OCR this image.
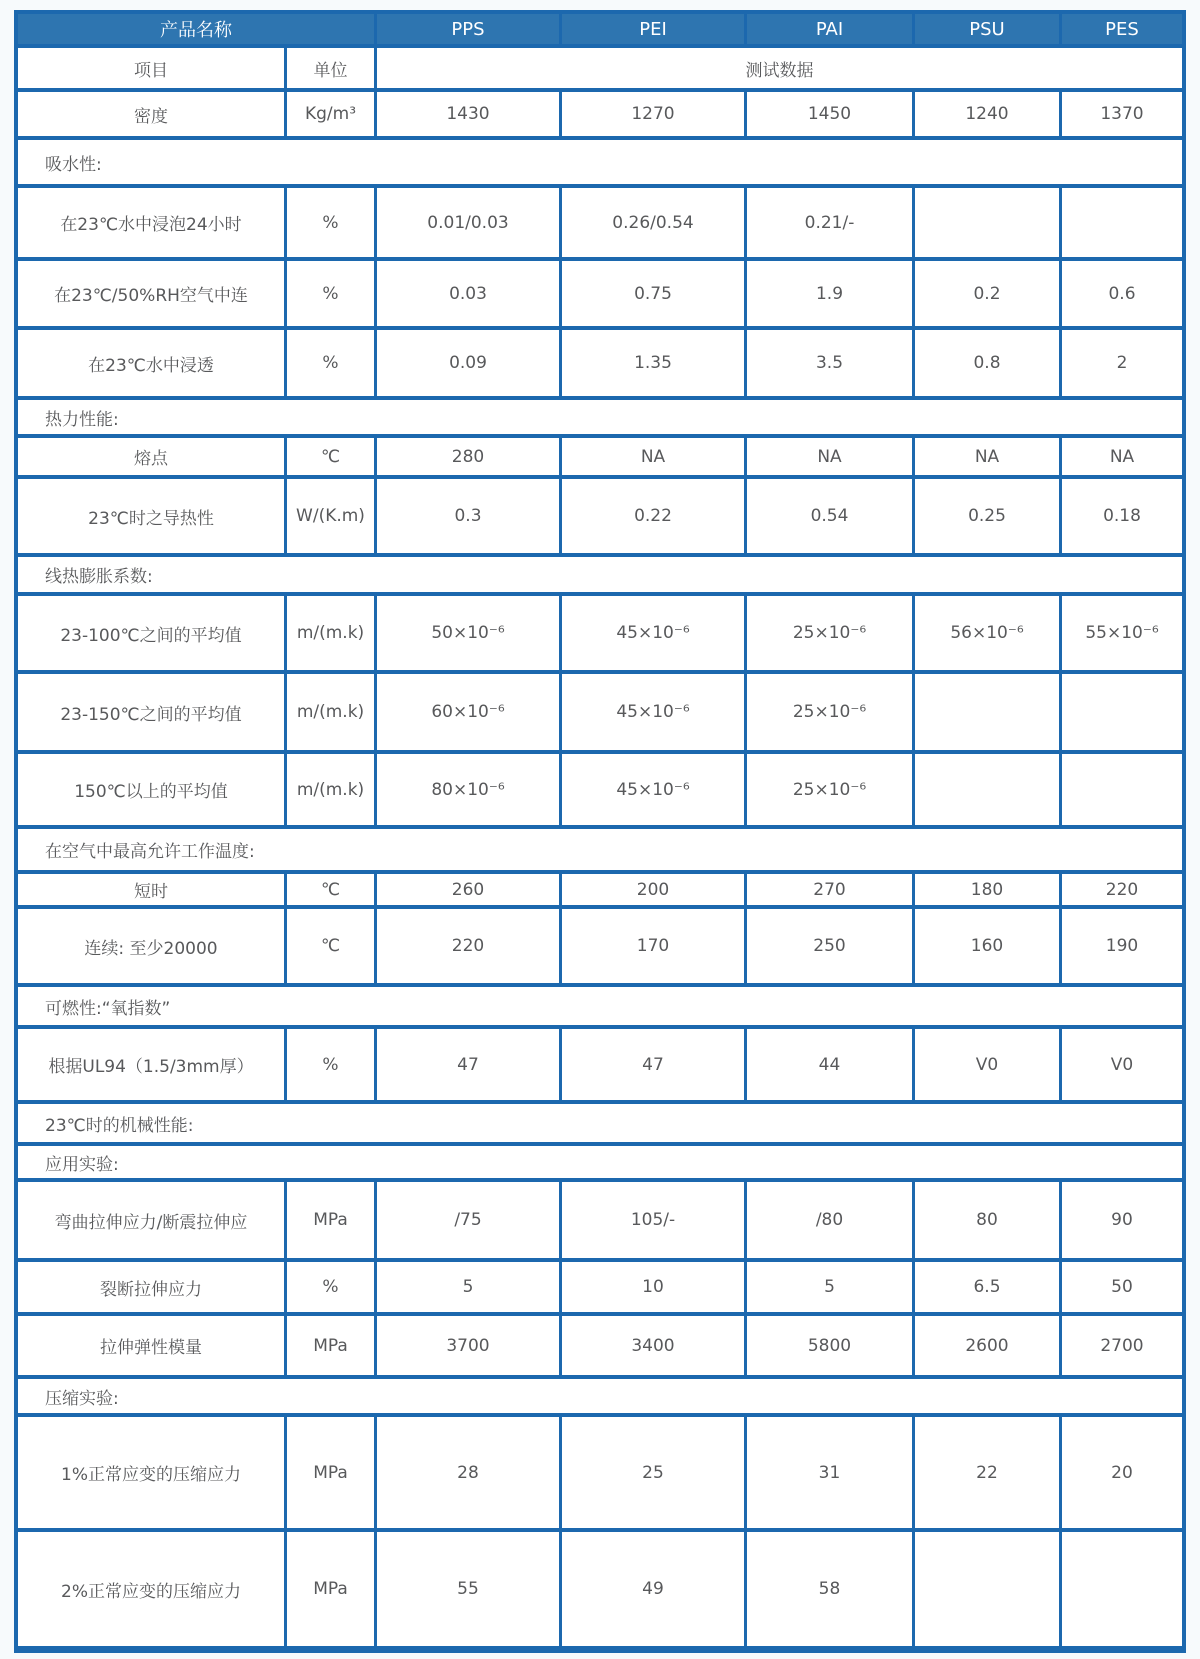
产品名称	PPS	PEI	PAI	PSU	PES
项目	单位	测试数据
密度	Kg/m³	1430	1270	1450	1240	1370
吸水性:
在23℃水中浸泡24小时	%	0.01/0.03	0.26/0.54	0.21/-
在23℃/50%RH空气中连	%	0.03	0.75	1.9	0.2	0.6
在23℃水中浸透	%	0.09	1.35	3.5	0.8	2
热力性能:
熔点	℃	280	NA	NA	NA	NA
23℃时之导热性	W/(K.m)	0.3	0.22	0.54	0.25	0.18
线热膨胀系数:
23-100℃之间的平均值	m/(m.k)	50×10⁻⁶	45×10⁻⁶	25×10⁻⁶	56×10⁻⁶	55×10⁻⁶
23-150℃之间的平均值	m/(m.k)	60×10⁻⁶	45×10⁻⁶	25×10⁻⁶
150℃以上的平均值	m/(m.k)	80×10⁻⁶	45×10⁻⁶	25×10⁻⁶
在空气中最高允许工作温度:
短时	℃	260	200	270	180	220
连续: 至少20000	℃	220	170	250	160	190
可燃性:“氧指数”
根据UL94（1.5/3mm厚）	%	47	47	44	V0	V0
23℃时的机械性能:
应用实验:
弯曲拉伸应力/断震拉伸应	MPa	/75	105/-	/80	80	90
裂断拉伸应力	%	5	10	5	6.5	50
拉伸弹性模量	MPa	3700	3400	5800	2600	2700
压缩实验:
1%正常应变的压缩应力	MPa	28	25	31	22	20
2%正常应变的压缩应力	MPa	55	49	58
